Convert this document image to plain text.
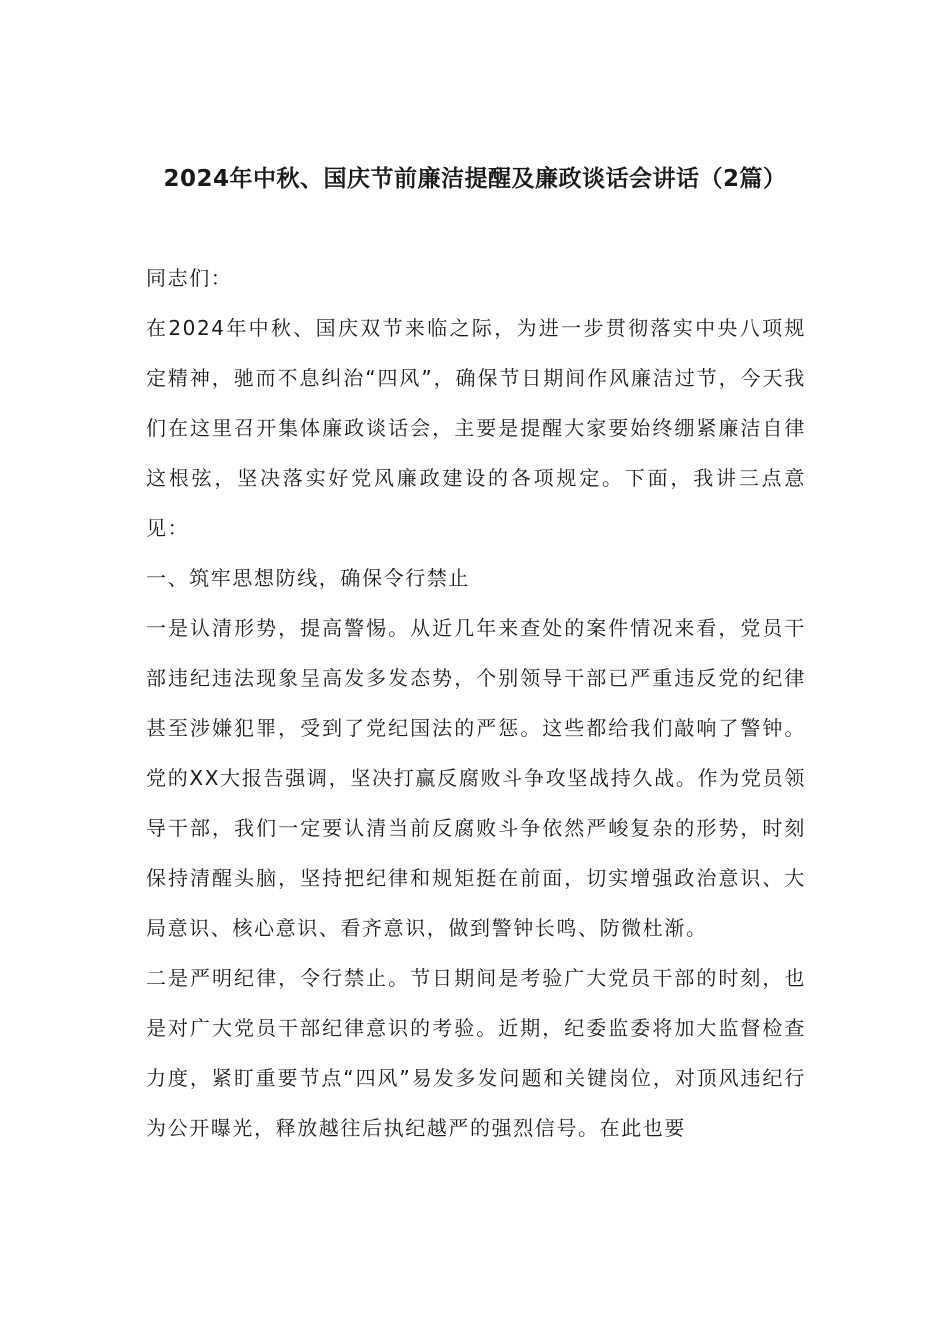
2024年中秋、国庆节前廉洁提醒及廉政谈话会讲话（2篇）

同志们：

在2024年中秋、国庆双节来临之际，为进一步贯彻落实中央八项规定精神，驰而不息纠治“四风”，确保节日期间作风廉洁过节，今天我们在这里召开集体廉政谈话会，主要是提醒大家要始终绷紧廉洁自律这根弦，坚决落实好党风廉政建设的各项规定。下面，我讲三点意见：

一、筑牢思想防线，确保令行禁止

一是认清形势，提高警惕。从近几年来查处的案件情况来看，党员干部违纪违法现象呈高发多发态势，个别领导干部已严重违反党的纪律甚至涉嫌犯罪，受到了党纪国法的严惩。这些都给我们敲响了警钟。党的XX大报告强调，坚决打赢反腐败斗争攻坚战持久战。作为党员领导干部，我们一定要认清当前反腐败斗争依然严峻复杂的形势，时刻保持清醒头脑，坚持把纪律和规矩挺在前面，切实增强政治意识、大局意识、核心意识、看齐意识，做到警钟长鸣、防微杜渐。

二是严明纪律，令行禁止。节日期间是考验广大党员干部的时刻，也是对广大党员干部纪律意识的考验。近期，纪委监委将加大监督检查力度，紧盯重要节点“四风”易发多发问题和关键岗位，对顶风违纪行为公开曝光，释放越往后执纪越严的强烈信号。在此也要
